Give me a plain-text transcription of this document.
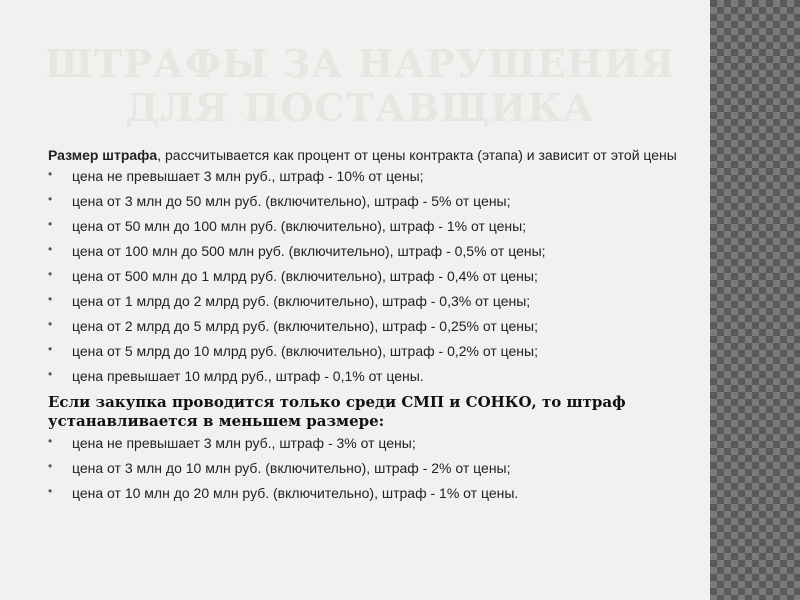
ШТРАФЫ ЗА НАРУШЕНИЯ ДЛЯ ПОСТАВЩИКА

Размер штрафа, рассчитывается как процент от цены контракта (этапа) и зависит от этой цены

• цена не превышает 3 млн руб., штраф - 10% от цены;
• цена от 3 млн до 50 млн руб. (включительно), штраф - 5% от цены;
• цена от 50 млн до 100 млн руб. (включительно), штраф - 1% от цены;
• цена от 100 млн до 500 млн руб. (включительно), штраф - 0,5% от цены;
• цена от 500 млн до 1 млрд руб. (включительно), штраф - 0,4% от цены;
• цена от 1 млрд до 2 млрд руб. (включительно), штраф - 0,3% от цены;
• цена от 2 млрд до 5 млрд руб. (включительно), штраф - 0,25% от цены;
• цена от 5 млрд до 10 млрд руб. (включительно), штраф - 0,2% от цены;
• цена превышает 10 млрд руб., штраф - 0,1% от цены.

Если закупка проводится только среди СМП и СОНКО, то штраф устанавливается в меньшем размере:

• цена не превышает 3 млн руб., штраф - 3% от цены;
• цена от 3 млн до 10 млн руб. (включительно), штраф - 2% от цены;
• цена от 10 млн до 20 млн руб. (включительно), штраф - 1% от цены.
